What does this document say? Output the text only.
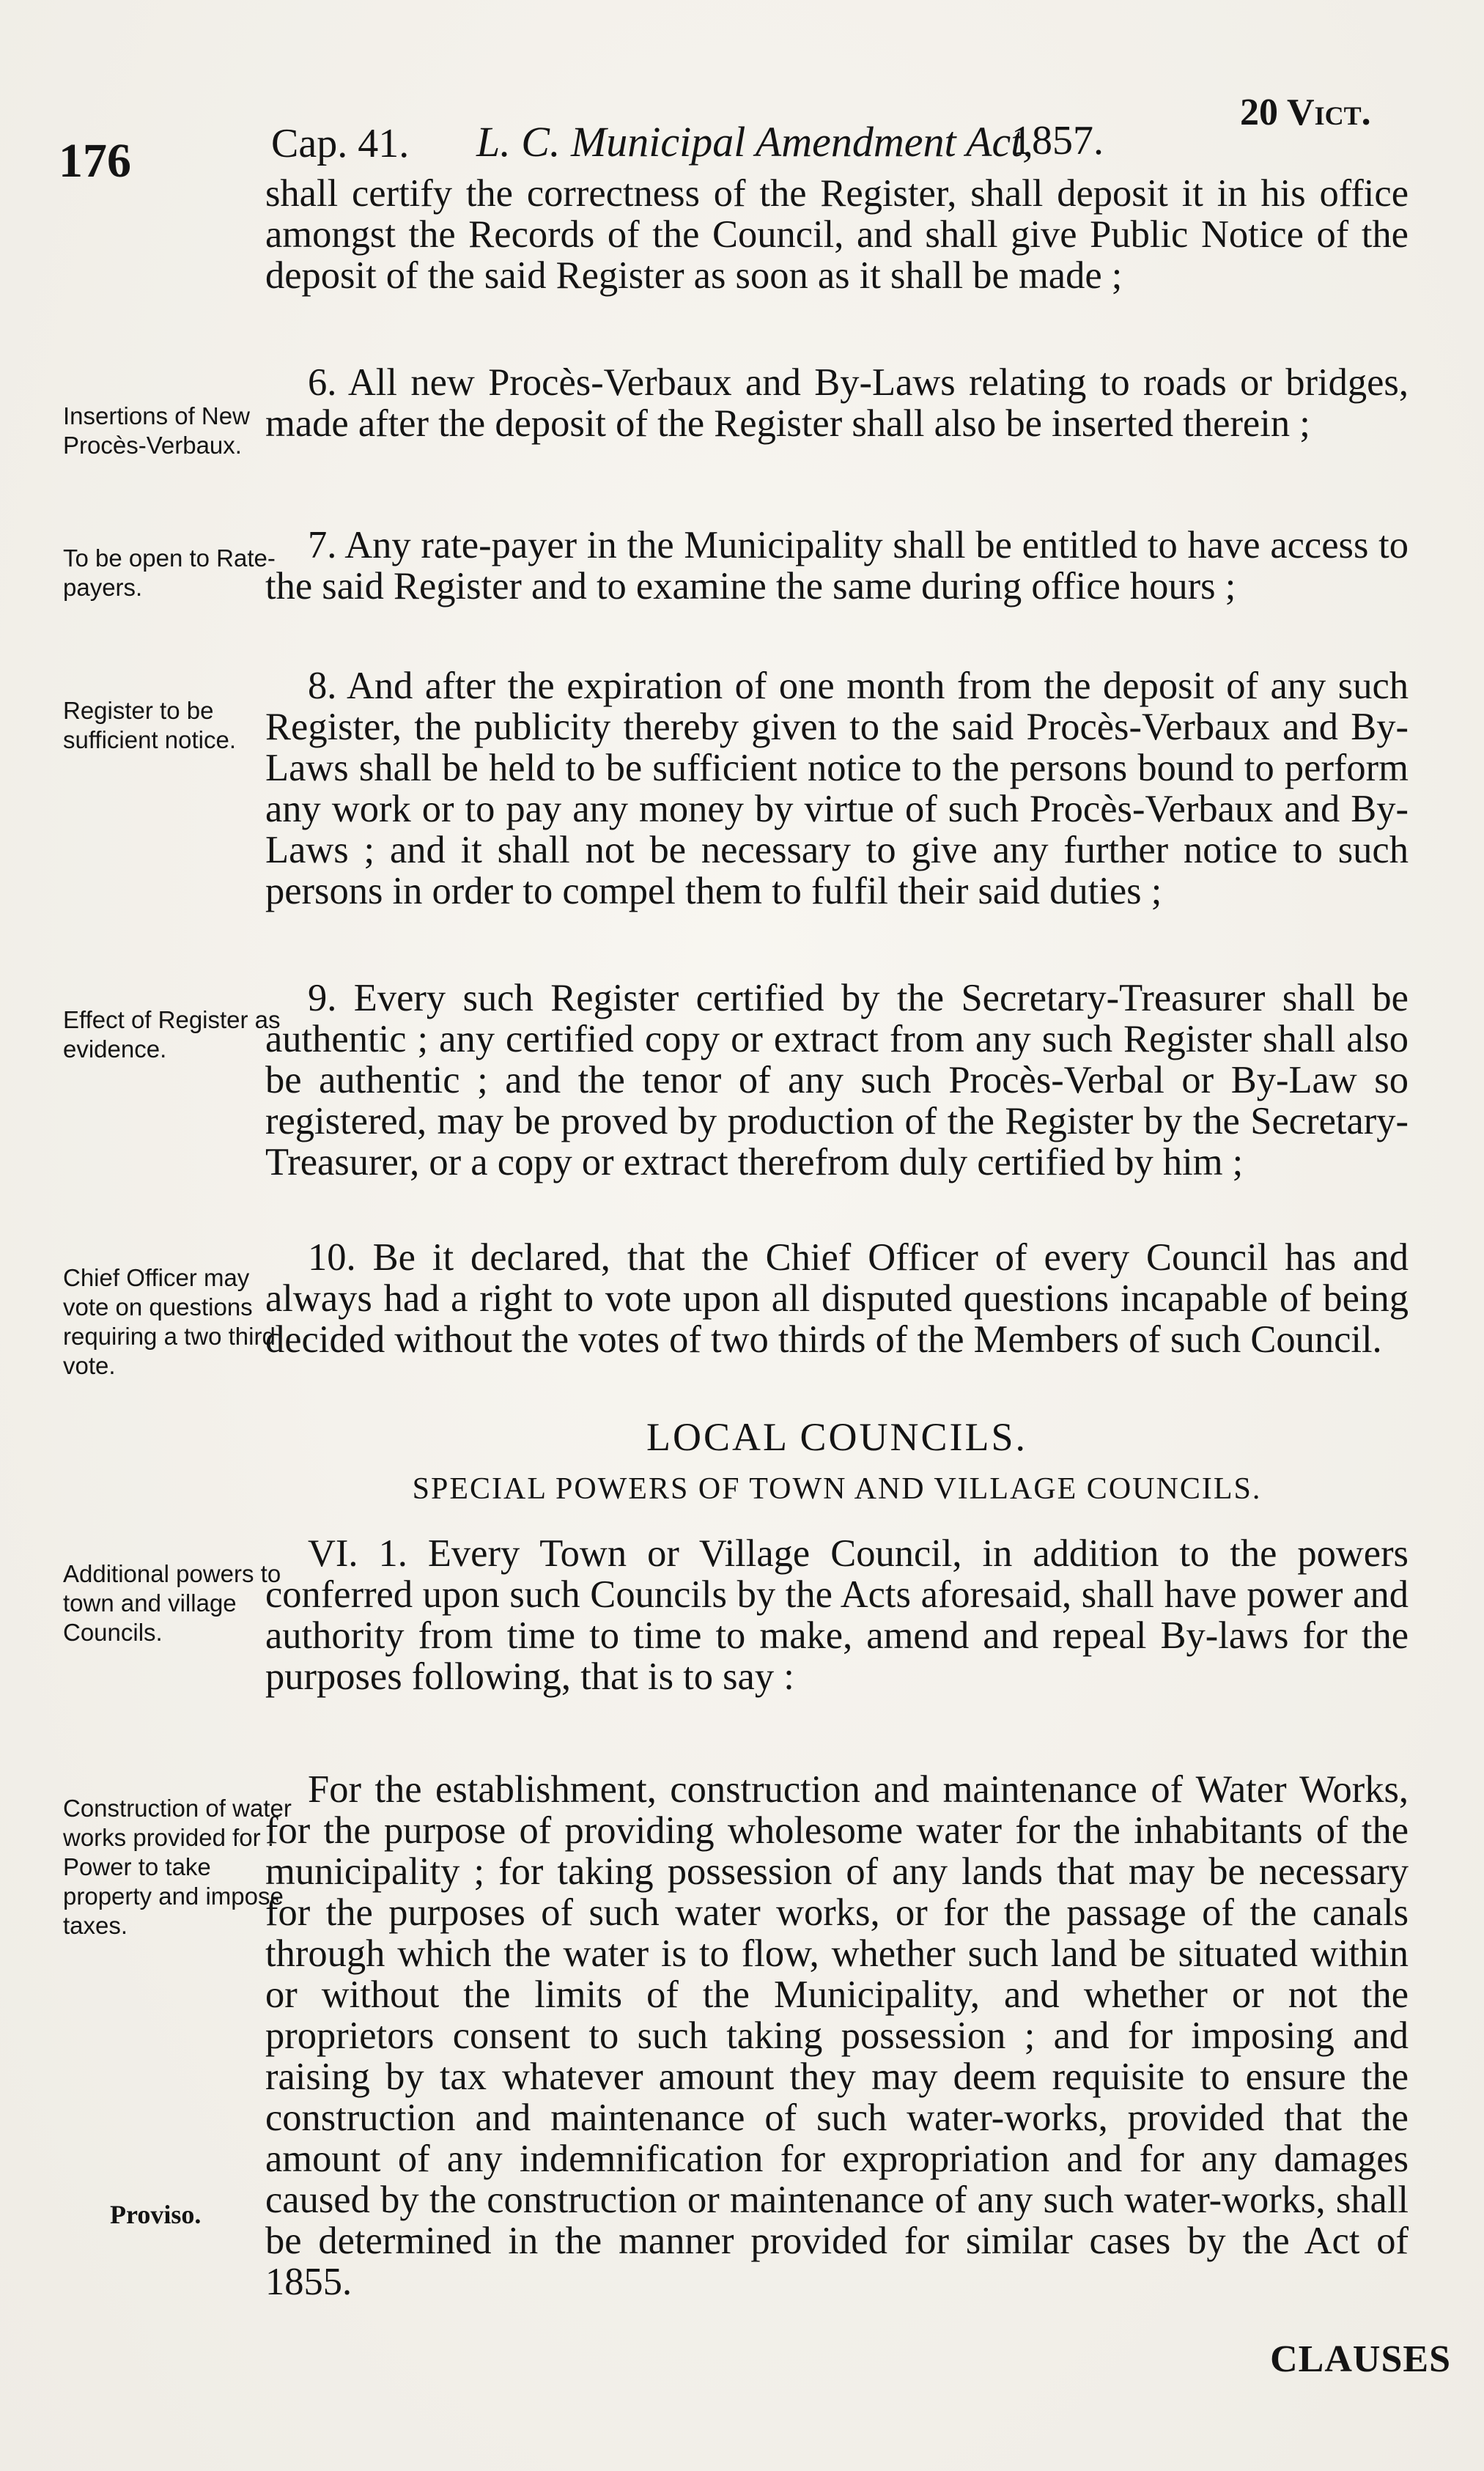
176	Cap. 41. L. C. Municipal Amendment Act,
1857.
20 Vict.

shall certify the correctness of the Register, shall deposit it in his office amongst the Records of the Council, and shall give Public Notice of the deposit of the said Register as soon as it shall be made ;

Insertions of New Procès-Verbaux.

6. All new Procès-Verbaux and By-Laws relating to roads or bridges, made after the deposit of the Register shall also be inserted therein ;

To be open to Rate-payers.

7. Any rate-payer in the Municipality shall be entitled to have access to the said Register and to examine the same during office hours ;

Register to be sufficient notice.

8. And after the expiration of one month from the deposit of any such Register, the publicity thereby given to the said Procès-Verbaux and By-Laws shall be held to be sufficient notice to the persons bound to perform any work or to pay any money by virtue of such Procès-Verbaux and By-Laws ; and it shall not be necessary to give any further notice to such persons in order to compel them to fulfil their said duties ;

Effect of Register as evidence.

9. Every such Register certified by the Secretary-Treasurer shall be authentic ; any certified copy or extract from any such Register shall also be authentic ; and the tenor of any such Procès-Verbal or By-Law so registered, may be proved by production of the Register by the Secretary-Treasurer, or a copy or extract therefrom duly certified by him ;

Chief Officer may vote on questions requiring a two third vote.

10. Be it declared, that the Chief Officer of every Council has and always had a right to vote upon all disputed questions incapable of being decided without the votes of two thirds of the Members of such Council.

LOCAL COUNCILS.

SPECIAL POWERS OF TOWN AND VILLAGE COUNCILS.

Additional powers to town and village Councils.

VI. 1. Every Town or Village Council, in addition to the powers conferred upon such Councils by the Acts aforesaid, shall have power and authority from time to time to make, amend and repeal By-laws for the purposes following, that is to say :

Construction of water works provided for : Power to take property and impose taxes.

Proviso.

For the establishment, construction and maintenance of Water Works, for the purpose of providing wholesome water for the inhabitants of the municipality ; for taking possession of any lands that may be necessary for the purposes of such water works, or for the passage of the canals through which the water is to flow, whether such land be situated within or without the limits of the Municipality, and whether or not the proprietors consent to such taking possession ; and for imposing and raising by tax whatever amount they may deem requisite to ensure the construction and maintenance of such water-works, provided that the amount of any indemnification for expropriation and for any damages caused by the construction or maintenance of any such water-works, shall be determined in the manner provided for similar cases by the Act of 1855.

CLAUSES
